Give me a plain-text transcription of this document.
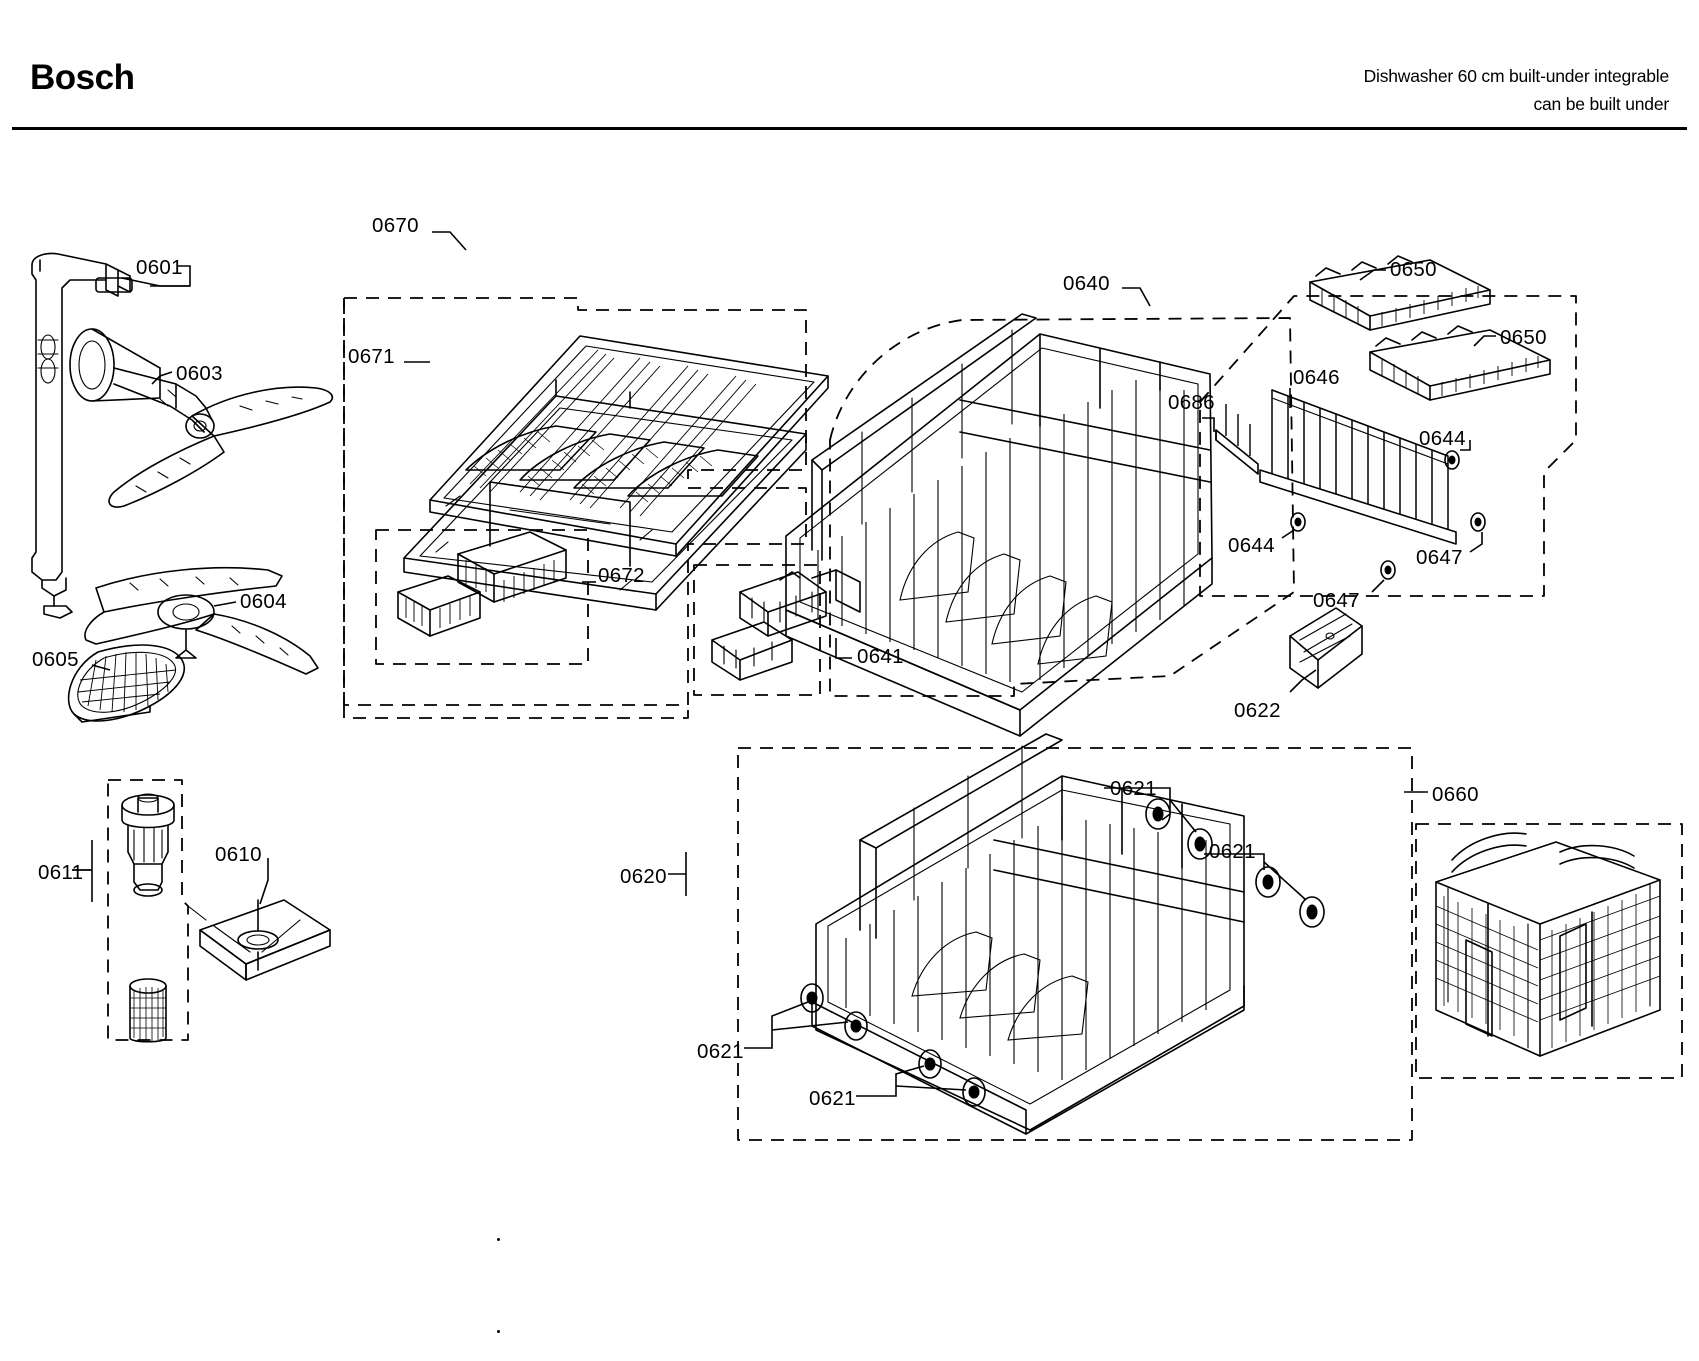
Bosch	Dishwasher 60 cm built-under integrable
can be built under
0601
0603
0604
0605
0610
0611
0670
0671
0672
0640
0641
0686
0646
0644
0644
0647
0647
0650
0650
0622
0620
0621
0621
0621
0621
0660
